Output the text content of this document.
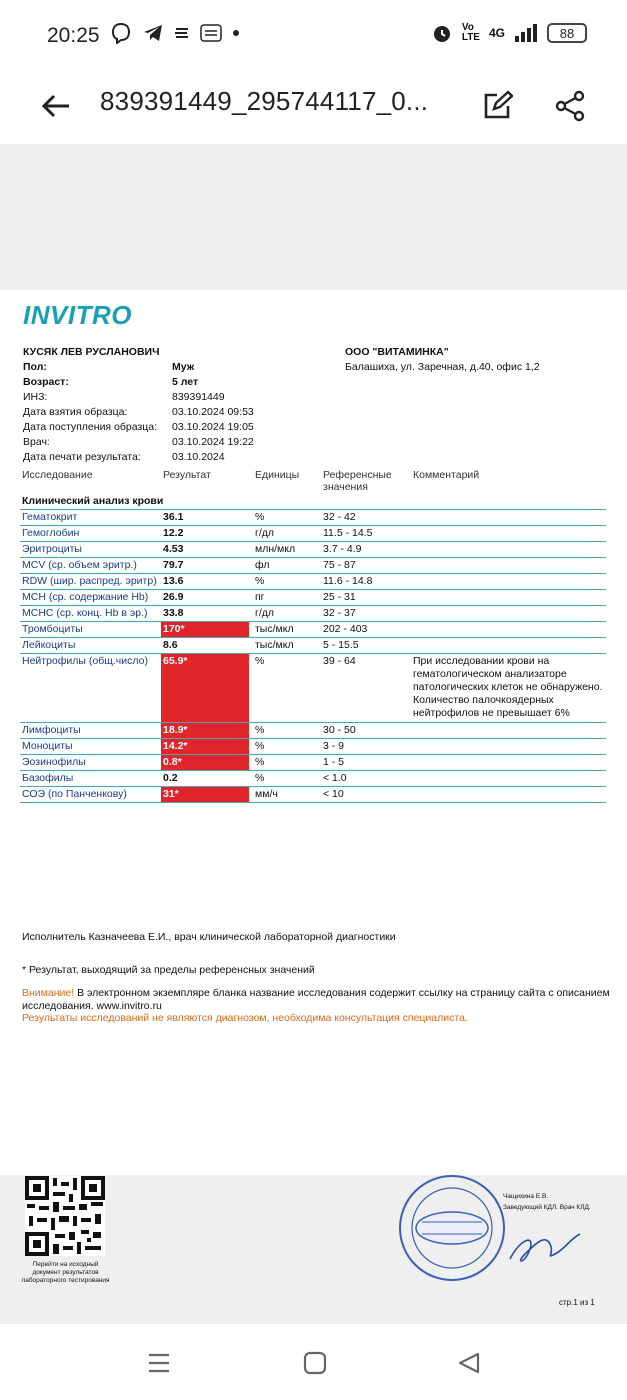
20:25	Vo
LTE 4G	88
839391449_295744117_0...
INVITRO
КУСЯК ЛЕВ РУСЛАНОВИЧ
Пол:	Муж
Возраст:	5 лет
ИНЗ:	839391449
Дата взятия образца:	03.10.2024 09:53
Дата поступления образца:	03.10.2024 19:05
Врач:	03.10.2024 19:22
Дата печати результата:	03.10.2024
ООО "ВИТАМИНКА"
Балашиха, ул. Заречная, д.40, офис 1,2
Исследование	Результат	Единицы	Референсные значения	Комментарий
Клинический анализ крови				
Гематокрит	36.1	%	32 - 42	
Гемоглобин	12.2	г/дл	11.5 - 14.5	
Эритроциты	4.53	млн/мкл	3.7 - 4.9	
MCV (ср. объем эритр.)	79.7	фл	75 - 87	
RDW (шир. распред. эритр)	13.6	%	11.6 - 14.8	
MCH (ср. содержание Hb)	26.9	пг	25 - 31	
MCHC (ср. конц. Hb в эр.)	33.8	г/дл	32 - 37	
Тромбоциты	170*	тыс/мкл	202 - 403	
Лейкоциты	8.6	тыс/мкл	5 - 15.5	
Нейтрофилы (общ.число)	65.9*	%	39 - 64	При исследовании крови на гематологическом анализаторе патологических клеток не обнаружено. Количество палочкоядерных нейтрофилов не превышает 6%
Лимфоциты	18.9*	%	30 - 50	
Моноциты	14.2*	%	3 - 9	
Эозинофилы	0.8*	%	1 - 5	
Базофилы	0.2	%	< 1.0	
СОЭ (по Панченкову)	31*	мм/ч	< 10	
Исполнитель Казначеева Е.И., врач клинической лабораторной диагностики
* Результат, выходящий за пределы референсных значений
Внимание! В электронном экземпляре бланка название исследования содержит ссылку на страницу сайта с описанием исследования. www.invitro.ru
Результаты исследований не являются диагнозом, необходима консультация специалиста.
Перейти на исходный документ результатов лабораторного тестирования
Чащихина Е.В.
Заведующий КДЛ. Врач КЛД.
стр.1 из 1
